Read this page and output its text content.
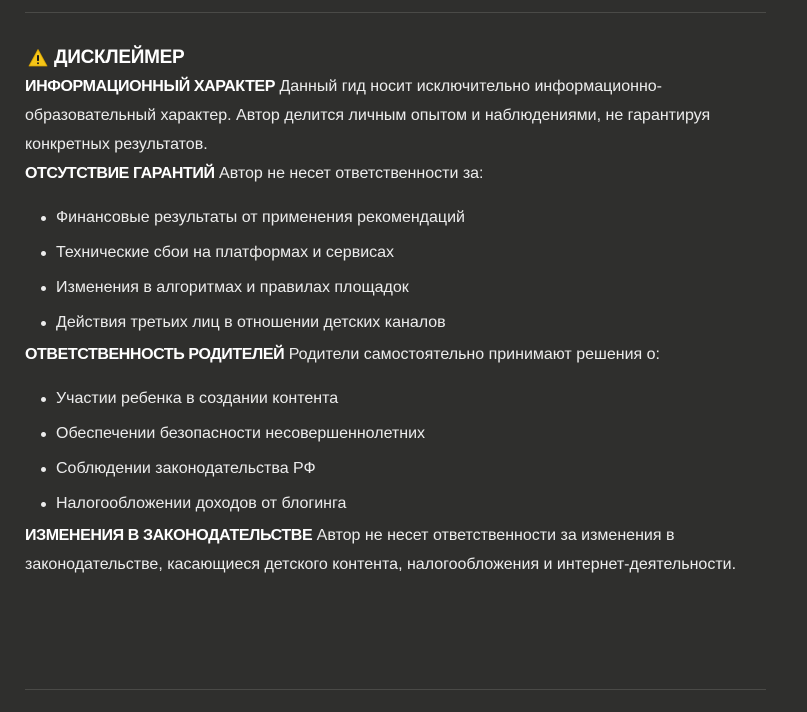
ДИСКЛЕЙМЕР

ИНФОРМАЦИОННЫЙ ХАРАКТЕР Данный гид носит исключительно информационно-образовательный характер. Автор делится личным опытом и наблюдениями, не гарантируя конкретных результатов.

ОТСУТСТВИЕ ГАРАНТИЙ Автор не несет ответственности за:

Финансовые результаты от применения рекомендаций
Технические сбои на платформах и сервисах
Изменения в алгоритмах и правилах площадок
Действия третьих лиц в отношении детских каналов

ОТВЕТСТВЕННОСТЬ РОДИТЕЛЕЙ Родители самостоятельно принимают решения о:

Участии ребенка в создании контента
Обеспечении безопасности несовершеннолетних
Соблюдении законодательства РФ
Налогообложении доходов от блогинга

ИЗМЕНЕНИЯ В ЗАКОНОДАТЕЛЬСТВЕ Автор не несет ответственности за изменения в законодательстве, касающиеся детского контента, налогообложения и интернет-деятельности.
